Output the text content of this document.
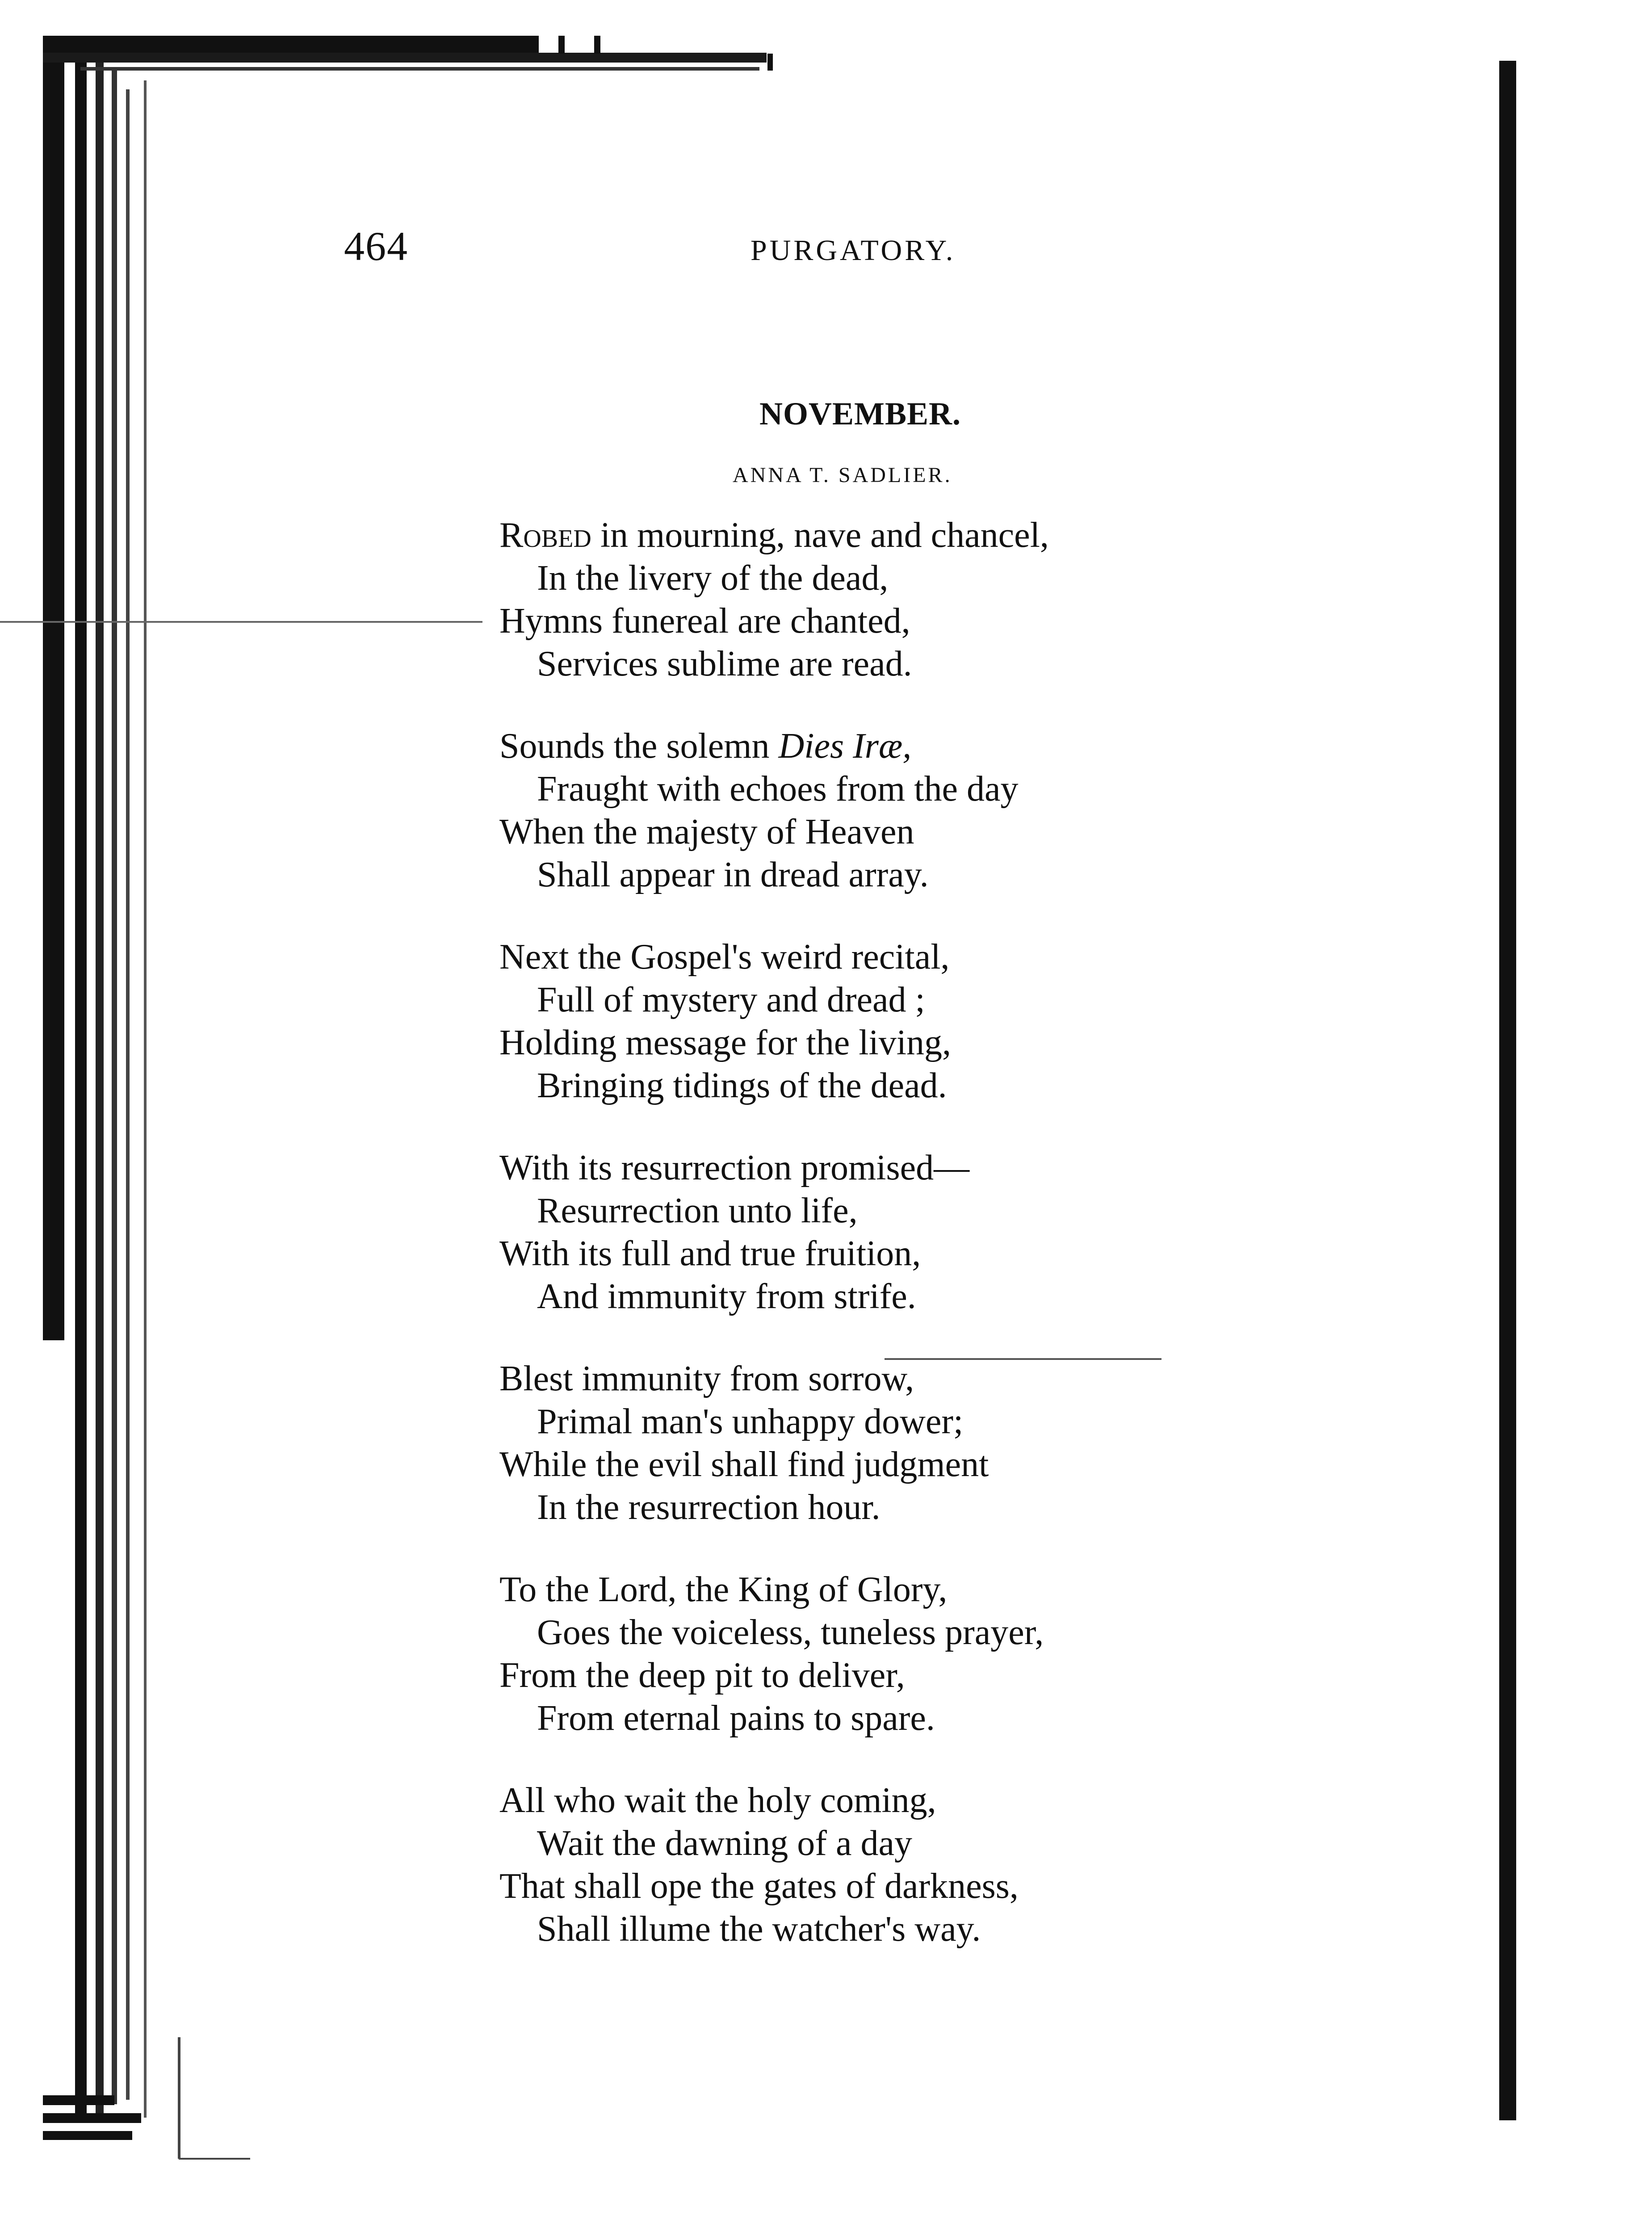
464	PURGATORY.
NOVEMBER.
ANNA T. SADLIER.
Robed in mourning, nave and chancel,
In the livery of the dead,
Hymns funereal are chanted,
Services sublime are read.
Sounds the solemn Dies Iræ,
Fraught with echoes from the day
When the majesty of Heaven
Shall appear in dread array.
Next the Gospel's weird recital,
Full of mystery and dread ;
Holding message for the living,
Bringing tidings of the dead.
With its resurrection promised—
Resurrection unto life,
With its full and true fruition,
And immunity from strife.
Blest immunity from sorrow,
Primal man's unhappy dower;
While the evil shall find judgment
In the resurrection hour.
To the Lord, the King of Glory,
Goes the voiceless, tuneless prayer,
From the deep pit to deliver,
From eternal pains to spare.
All who wait the holy coming,
Wait the dawning of a day
That shall ope the gates of darkness,
Shall illume the watcher's way.
